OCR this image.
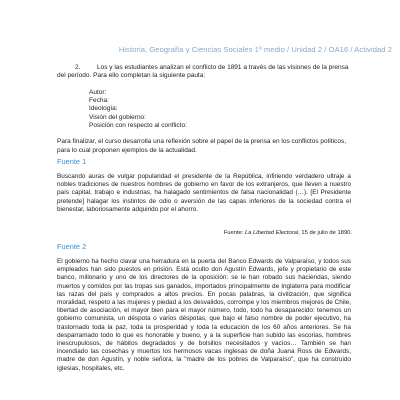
Historia, Geografía y Ciencias Sociales 1º medio / Unidad 2 / OA16 / Actividad 2
2.	Los y las estudiantes analizan el conflicto de 1891 a través de las visiones de la prensa del período. Para ello completan la siguiente pauta:
Autor:
Fecha:
Ideología:
Visión del gobierno:
Posición con respecto al conflicto:
Para finalizar, el curso desarrolla una reflexión sobre el papel de la prensa en los conflictos políticos, para lo cual proponen ejemplos de la actualidad.
Fuente 1
Buscando auras de vulgar popularidad el presidente de la República, infiriendo verdadero ultraje a nobles tradiciones de nuestros hombres de gobierno en favor de los extranjeros, que lleven a nuestro país capital, trabajo e industrias, ha halagado sentimientos de falsa nacionalidad (…). [El Presidente pretende] halagar los instintos de odio o aversión de las capas inferiores de la sociedad contra el bienestar, laboriosamente adquirido por el ahorro.
Fuente: La Libertad Electoral, 15 de julio de 1890.
Fuente 2
El gobierno ha hecho clavar una herradura en la puerta del Banco Edwards de Valparaíso, y todos sus empleados han sido puestos en prisión. Está oculto don Agustín Edwards, jefe y propietario de este banco, millonario y uno de los directores de la oposición: se le han robado sus haciendas, siendo muertos y comidos por las tropas sus ganados, importados principalmente de Inglaterra para modificar las razas del país y comprados a altos precios. En pocas palabras, la civilización, que significa moralidad, respeto a las mujeres y piedad a los desvalidos, corrompe y los miembros mejores de Chile, libertad de asociación, el mayor bien para el mayor número, todo, todo ha desaparecido: tenemos un gobierno comunista, un déspota o varios déspotas, que bajo el falso nombre de poder ejecutivo, ha trastornado toda la paz, toda la prosperidad y toda la educación de los 60 años anteriores. Se ha desparramado todo lo que es honorable y bueno, y a la superficie han subido las escorias, hombres inescrupulosos, de hábitos degradados y de bolsillos necesitados y vacíos… También se han incendiado las cosechas y muertos los hermosos vacas inglesas de doña Juana Ross de Edwards, madre de don Agustín, y noble señora, la "madre de los pobres de Valparaíso", que ha construido iglesias, hospitales, etc.
